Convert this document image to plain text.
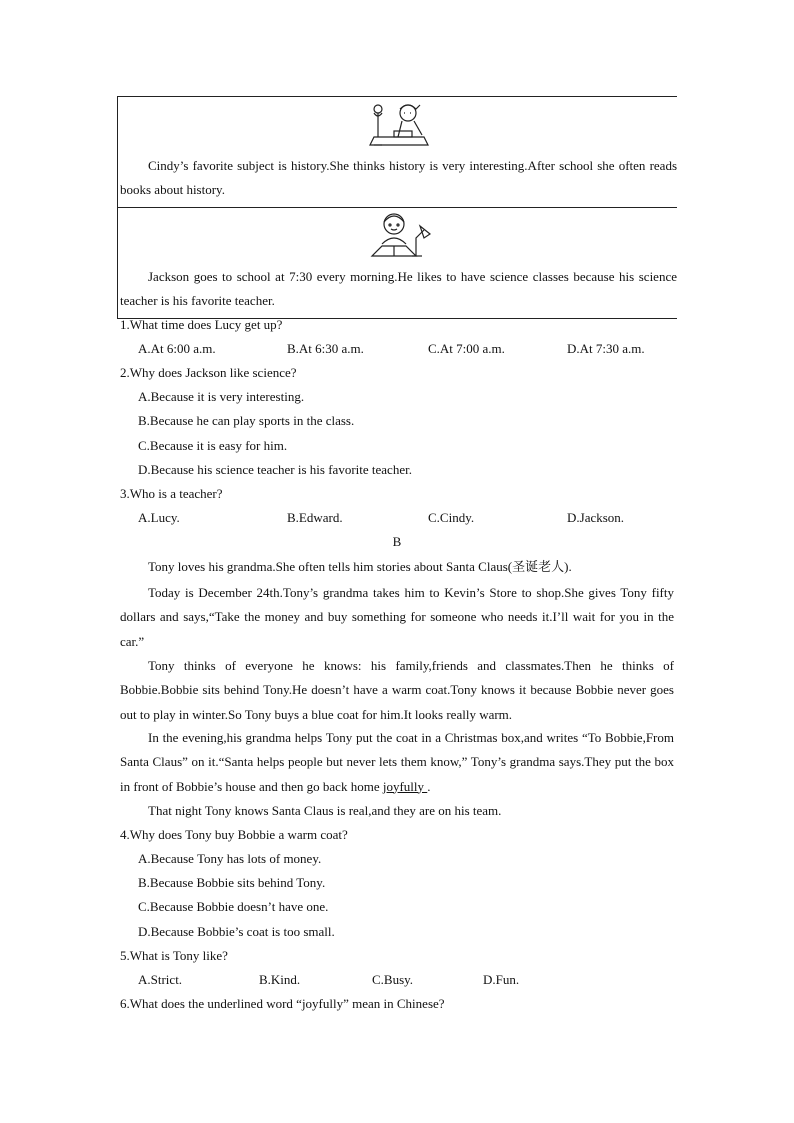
Cindy’s favorite subject is history.She thinks history is very interesting.After school she often reads books about history.
Jackson goes to school at 7:30 every morning.He likes to have science classes because his science teacher is his favorite teacher.
1.What time does Lucy get up?
A.At 6:00 a.m.	B.At 6:30 a.m.	C.At 7:00 a.m.	D.At 7:30 a.m.
2.Why does Jackson like science?
A.Because it is very interesting.
B.Because he can play sports in the class.
C.Because it is easy for him.
D.Because his science teacher is his favorite teacher.
3.Who is a teacher?
A.Lucy.	B.Edward.	C.Cindy.	D.Jackson.
B
Tony loves his grandma.She often tells him stories about Santa Claus(圣诞老人).
Today is December 24th.Tony’s grandma takes him to Kevin’s Store to shop.She gives Tony fifty dollars and says,“Take the money and buy something for someone who needs it.I’ll wait for you in the car.”
Tony thinks of everyone he knows: his family,friends and classmates.Then he thinks of Bobbie.Bobbie sits behind Tony.He doesn’t have a warm coat.Tony knows it because Bobbie never goes out to play in winter.So Tony buys a blue coat for him.It looks really warm.
In the evening,his grandma helps Tony put the coat in a Christmas box,and writes “To Bobbie,From Santa Claus” on it.“Santa helps people but never lets them know,” Tony’s grandma says.They put the box in front of Bobbie’s house and then go back home joyfully .
That night Tony knows Santa Claus is real,and they are on his team.
4.Why does Tony buy Bobbie a warm coat?
A.Because Tony has lots of money.
B.Because Bobbie sits behind Tony.
C.Because Bobbie doesn’t have one.
D.Because Bobbie’s coat is too small.
5.What is Tony like?
A.Strict.	B.Kind.	C.Busy.	D.Fun.
6.What does the underlined word “joyfully” mean in Chinese?
